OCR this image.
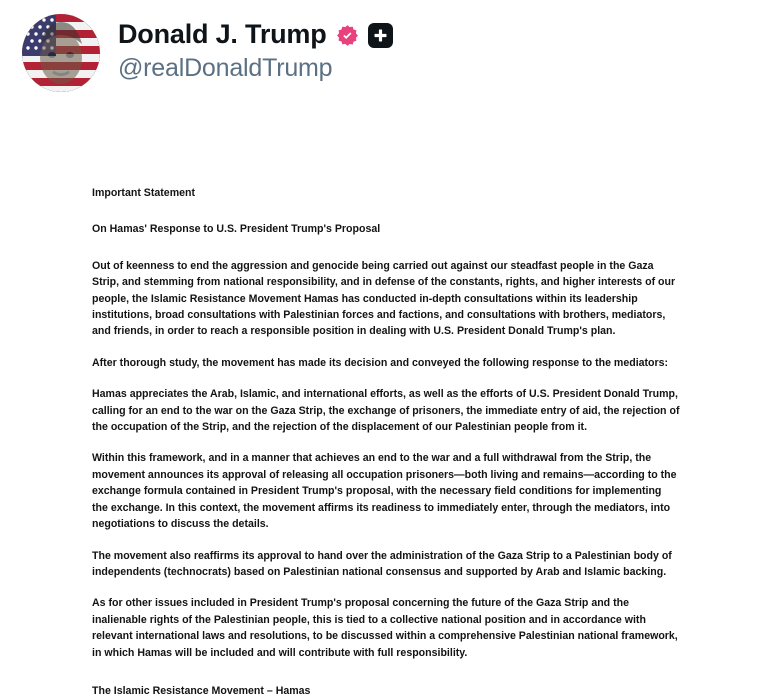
Donald J. Trump
@realDonaldTrump

Important Statement

On Hamas' Response to U.S. President Trump's Proposal

Out of keenness to end the aggression and genocide being carried out against our steadfast people in the Gaza Strip, and stemming from national responsibility, and in defense of the constants, rights, and higher interests of our people, the Islamic Resistance Movement Hamas has conducted in-depth consultations within its leadership institutions, broad consultations with Palestinian forces and factions, and consultations with brothers, mediators, and friends, in order to reach a responsible position in dealing with U.S. President Donald Trump's plan.

After thorough study, the movement has made its decision and conveyed the following response to the mediators:

Hamas appreciates the Arab, Islamic, and international efforts, as well as the efforts of U.S. President Donald Trump, calling for an end to the war on the Gaza Strip, the exchange of prisoners, the immediate entry of aid, the rejection of the occupation of the Strip, and the rejection of the displacement of our Palestinian people from it.

Within this framework, and in a manner that achieves an end to the war and a full withdrawal from the Strip, the movement announces its approval of releasing all occupation prisoners—both living and remains—according to the exchange formula contained in President Trump's proposal, with the necessary field conditions for implementing the exchange. In this context, the movement affirms its readiness to immediately enter, through the mediators, into negotiations to discuss the details.

The movement also reaffirms its approval to hand over the administration of the Gaza Strip to a Palestinian body of independents (technocrats) based on Palestinian national consensus and supported by Arab and Islamic backing.

As for other issues included in President Trump's proposal concerning the future of the Gaza Strip and the inalienable rights of the Palestinian people, this is tied to a collective national position and in accordance with relevant international laws and resolutions, to be discussed within a comprehensive Palestinian national framework, in which Hamas will be included and will contribute with full responsibility.

The Islamic Resistance Movement – Hamas
